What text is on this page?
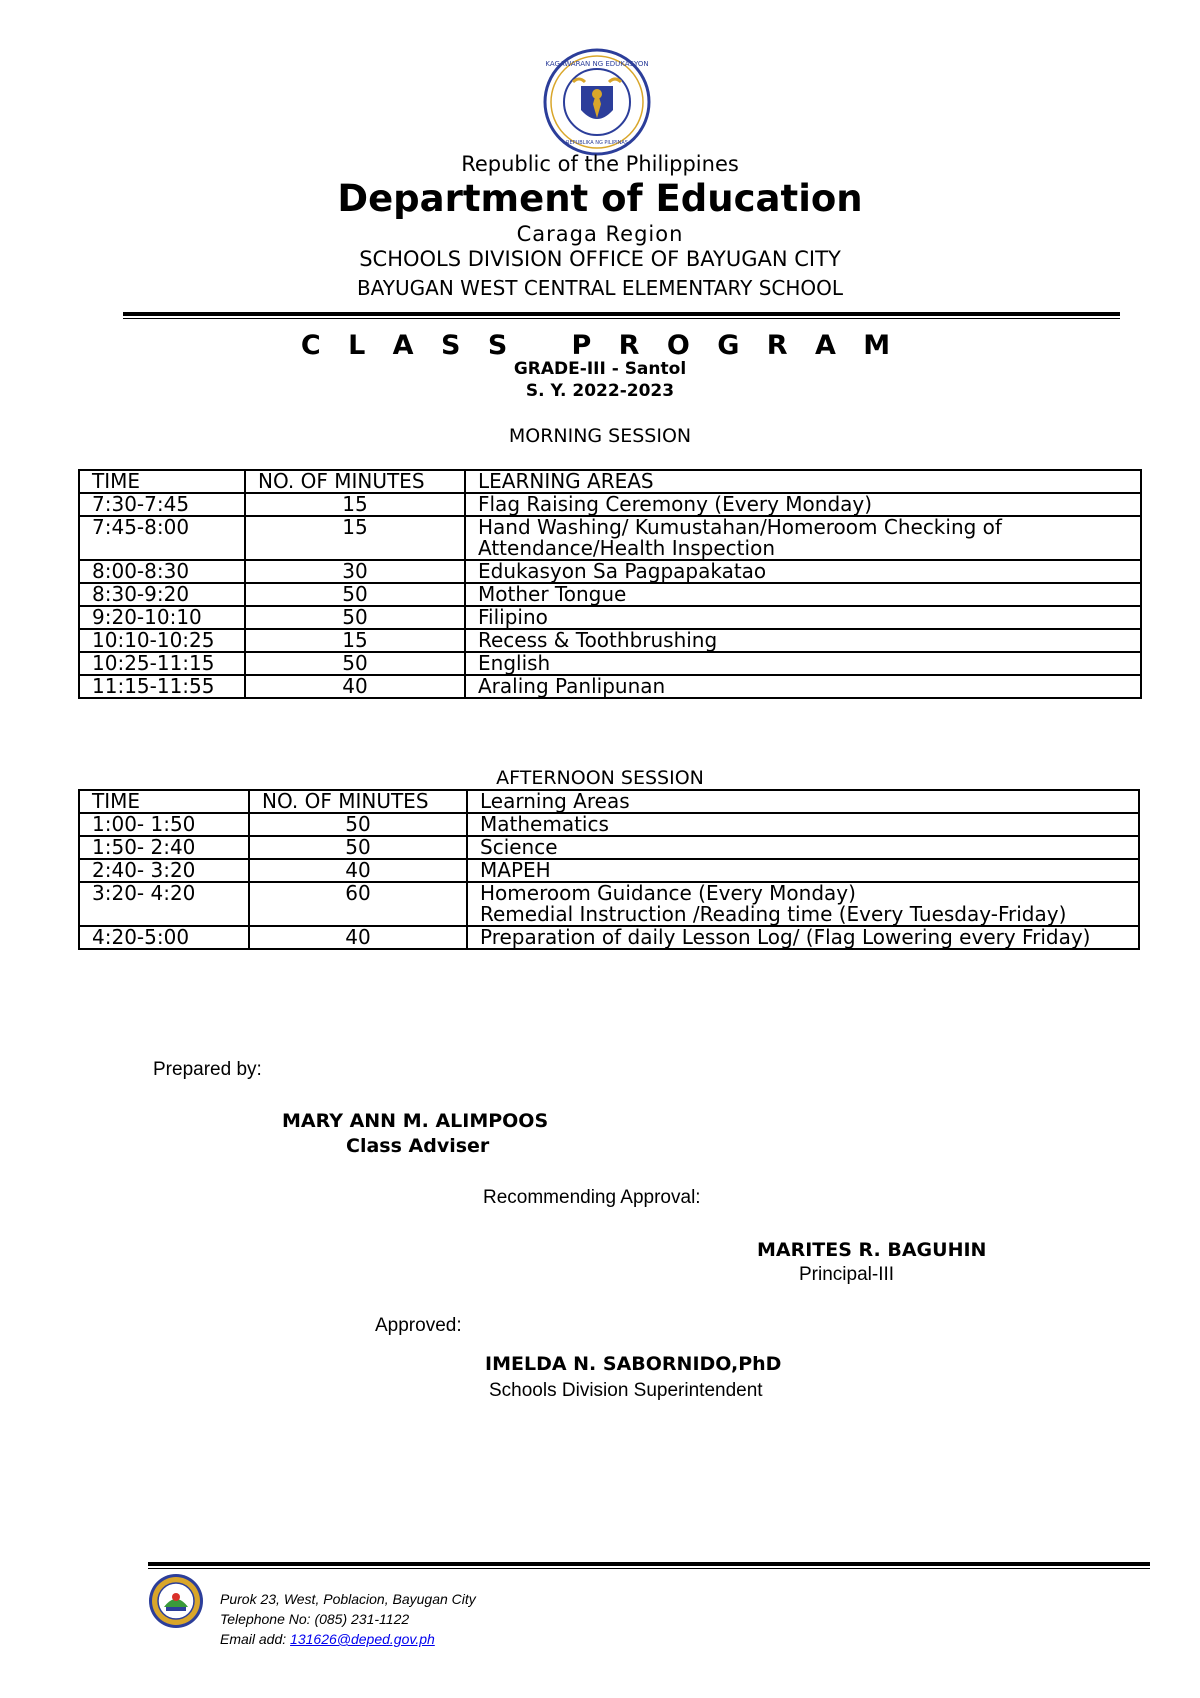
KAGAWARAN NG EDUKASYON
REPUBLIKA NG PILIPINAS
Republic of the Philippines
Department of Education
Caraga Region
SCHOOLS DIVISION OFFICE OF BAYUGAN CITY
BAYUGAN WEST CENTRAL ELEMENTARY SCHOOL
C L A S S   P R O G R A M
GRADE-III - Santol
S. Y. 2022-2023
MORNING SESSION
TIME	NO. OF MINUTES	LEARNING AREAS
7:30-7:45	15	Flag Raising Ceremony (Every Monday)
7:45-8:00	15	Hand Washing/ Kumustahan/Homeroom Checking of Attendance/Health Inspection
8:00-8:30	30	Edukasyon Sa Pagpapakatao
8:30-9:20	50	Mother Tongue
9:20-10:10	50	Filipino
10:10-10:25	15	Recess & Toothbrushing
10:25-11:15	50	English
11:15-11:55	40	Araling Panlipunan
AFTERNOON SESSION
TIME	NO. OF MINUTES	Learning Areas
1:00- 1:50	50	Mathematics
1:50- 2:40	50	Science
2:40- 3:20	40	MAPEH
3:20- 4:20	60	Homeroom Guidance (Every Monday)
Remedial Instruction /Reading time (Every Tuesday-Friday)
4:20-5:00	40	Preparation of daily Lesson Log/ (Flag Lowering every Friday)
Prepared by:
MARY ANN M. ALIMPOOS
Class Adviser
Recommending Approval:
MARITES R. BAGUHIN
Principal-III
Approved:
IMELDA N. SABORNIDO,PhD
Schools Division Superintendent
Purok 23, West, Poblacion, Bayugan City
Telephone No: (085) 231-1122
Email add: 131626@deped.gov.ph
